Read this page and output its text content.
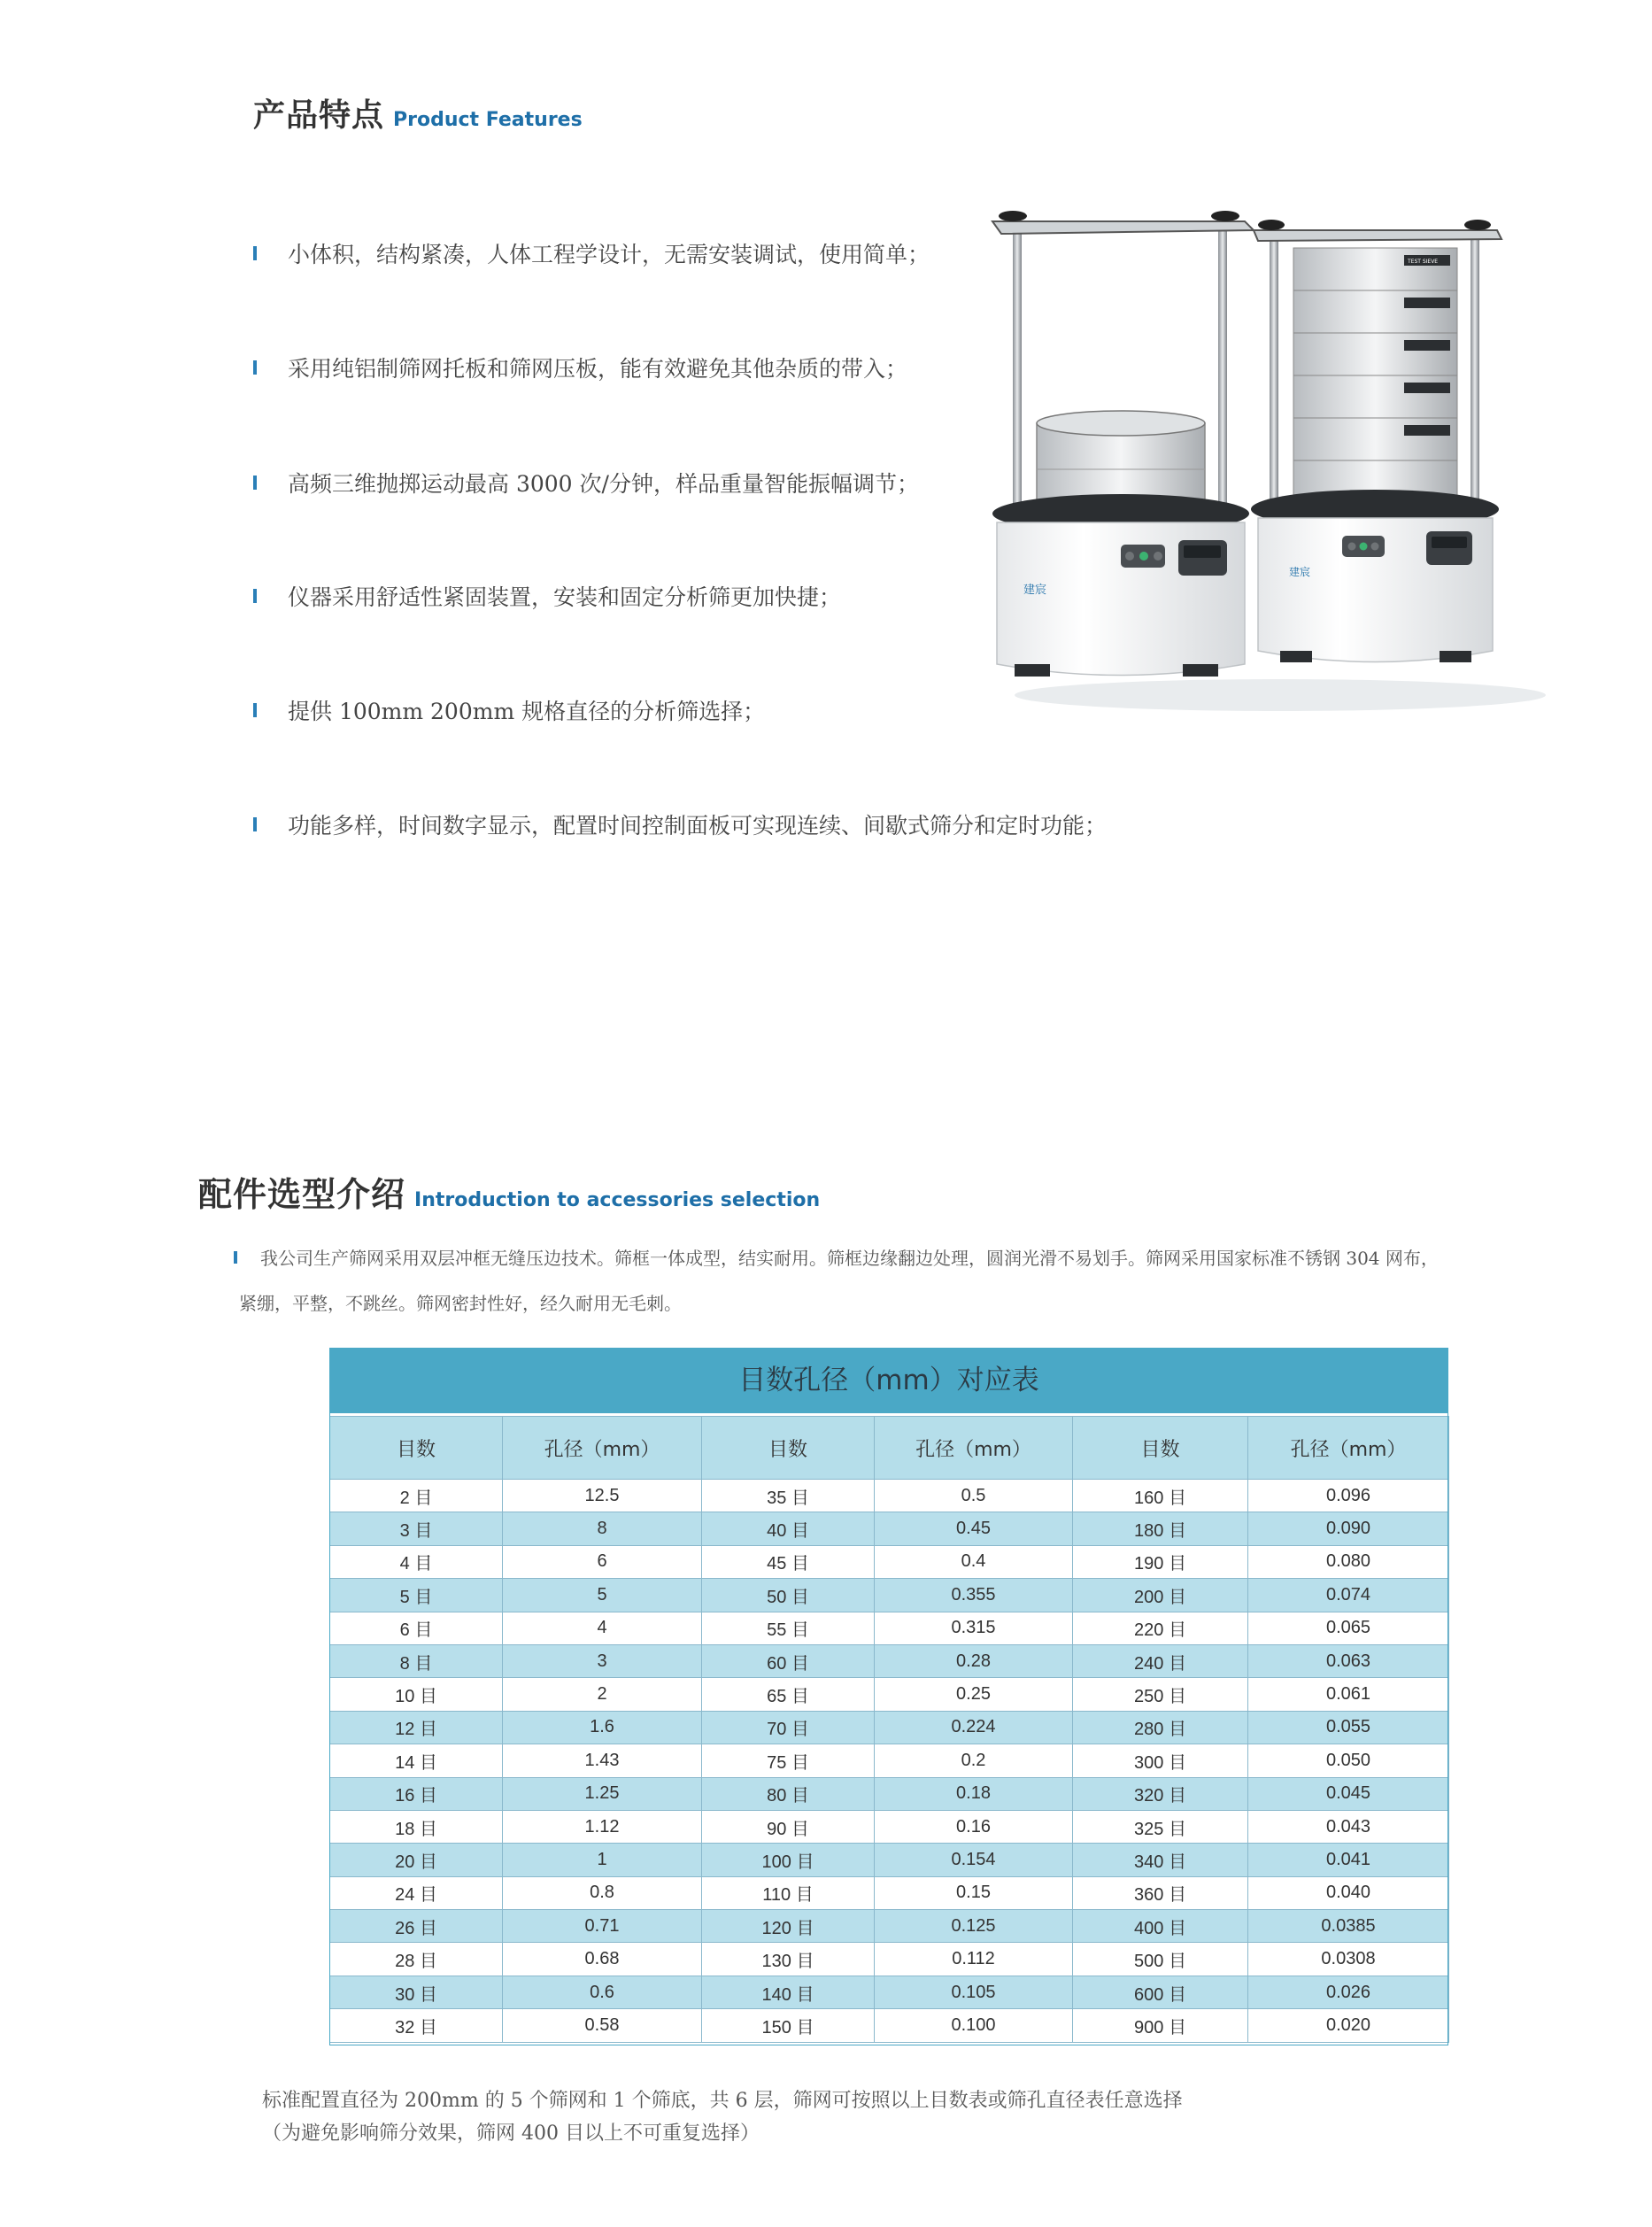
产品特点 Product Features
小体积，结构紧凑，人体工程学设计，无需安装调试，使用简单；
采用纯铝制筛网托板和筛网压板，能有效避免其他杂质的带入；
高频三维抛掷运动最高 3000 次/分钟，样品重量智能振幅调节；
仪器采用舒适性紧固装置，安装和固定分析筛更加快捷；
提供 100mm 200mm 规格直径的分析筛选择；
功能多样，时间数字显示，配置时间控制面板可实现连续、间歇式筛分和定时功能；
建宸
TEST SIEVE
建宸
配件选型介绍 Introduction to accessories selection
我公司生产筛网采用双层冲框无缝压边技术。筛框一体成型，结实耐用。筛框边缘翻边处理，圆润光滑不易划手。筛网采用国家标准不锈钢 304 网布，
紧绷，平整，不跳丝。筛网密封性好，经久耐用无毛刺。
目数孔径（mm）对应表
目数	孔径（mm）	目数	孔径（mm）	目数	孔径（mm）
2 目	12.5	35 目	0.5	160 目	0.096
3 目	8	40 目	0.45	180 目	0.090
4 目	6	45 目	0.4	190 目	0.080
5 目	5	50 目	0.355	200 目	0.074
6 目	4	55 目	0.315	220 目	0.065
8 目	3	60 目	0.28	240 目	0.063
10 目	2	65 目	0.25	250 目	0.061
12 目	1.6	70 目	0.224	280 目	0.055
14 目	1.43	75 目	0.2	300 目	0.050
16 目	1.25	80 目	0.18	320 目	0.045
18 目	1.12	90 目	0.16	325 目	0.043
20 目	1	100 目	0.154	340 目	0.041
24 目	0.8	110 目	0.15	360 目	0.040
26 目	0.71	120 目	0.125	400 目	0.0385
28 目	0.68	130 目	0.112	500 目	0.0308
30 目	0.6	140 目	0.105	600 目	0.026
32 目	0.58	150 目	0.100	900 目	0.020
标准配置直径为 200mm 的 5 个筛网和 1 个筛底，共 6 层，筛网可按照以上目数表或筛孔直径表任意选择
（为避免影响筛分效果，筛网 400 目以上不可重复选择）
